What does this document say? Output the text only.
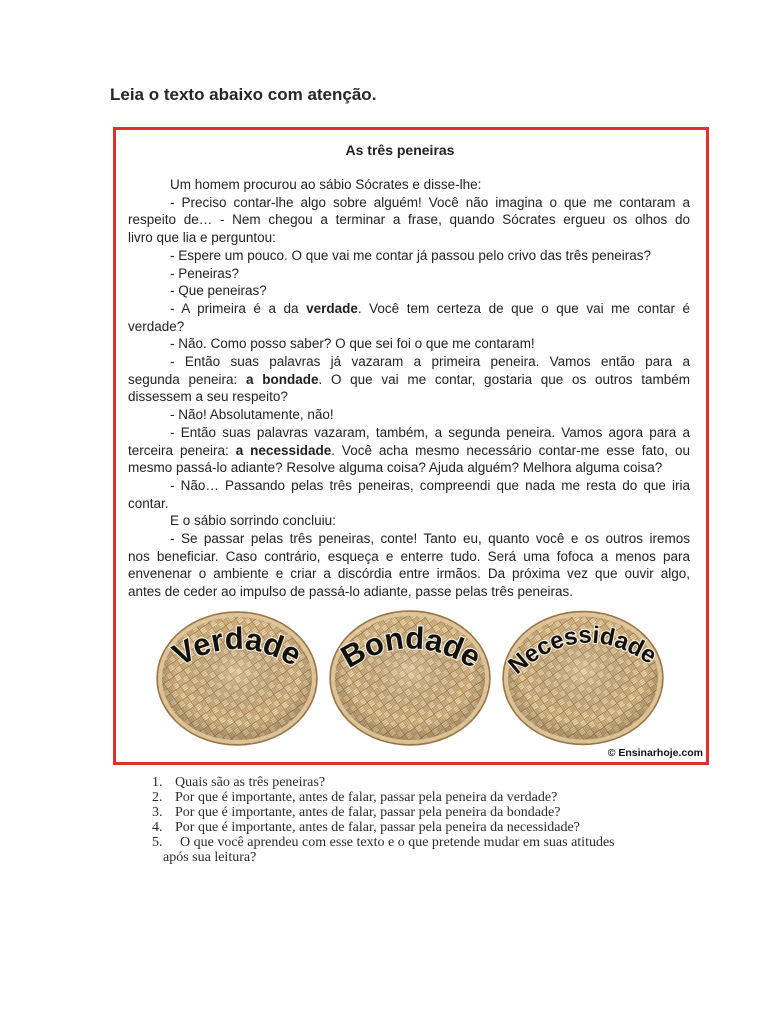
Leia o texto abaixo com atenção.
As três peneiras
Um homem procurou ao sábio Sócrates e disse-lhe:
- Preciso contar-lhe algo sobre alguém! Você não imagina o que me contaram a
respeito de… - Nem chegou a terminar a frase, quando Sócrates ergueu os olhos do
livro que lia e perguntou:
- Espere um pouco. O que vai me contar já passou pelo crivo das três peneiras?
- Peneiras?
- Que peneiras?
- A primeira é a da verdade. Você tem certeza de que o que vai me contar é
verdade?
- Não. Como posso saber? O que sei foi o que me contaram!
- Então suas palavras já vazaram a primeira peneira. Vamos então para a
segunda peneira: a bondade. O que vai me contar, gostaria que os outros também
dissessem a seu respeito?
- Não! Absolutamente, não!
- Então suas palavras vazaram, também, a segunda peneira. Vamos agora para a
terceira peneira: a necessidade. Você acha mesmo necessário contar-me esse fato, ou
mesmo passá-lo adiante? Resolve alguma coisa? Ajuda alguém? Melhora alguma coisa?
- Não… Passando pelas três peneiras, compreendi que nada me resta do que iria
contar.
E o sábio sorrindo concluiu:
- Se passar pelas três peneiras, conte! Tanto eu, quanto você e os outros iremos
nos beneficiar. Caso contrário, esqueça e enterre tudo. Será uma fofoca a menos para
envenenar o ambiente e criar a discórdia entre irmãos. Da próxima vez que ouvir algo,
antes de ceder ao impulso de passá-lo adiante, passe pelas três peneiras.
Verdade Bondade Necessidade
© Ensinarhoje.com
1. Quais são as três peneiras?
2. Por que é importante, antes de falar, passar pela peneira da verdade?
3. Por que é importante, antes de falar, passar pela peneira da bondade?
4. Por que é importante, antes de falar, passar pela peneira da necessidade?
5.	O que você aprendeu com esse texto e o que pretende mudar em suas atitudes após sua leitura?
